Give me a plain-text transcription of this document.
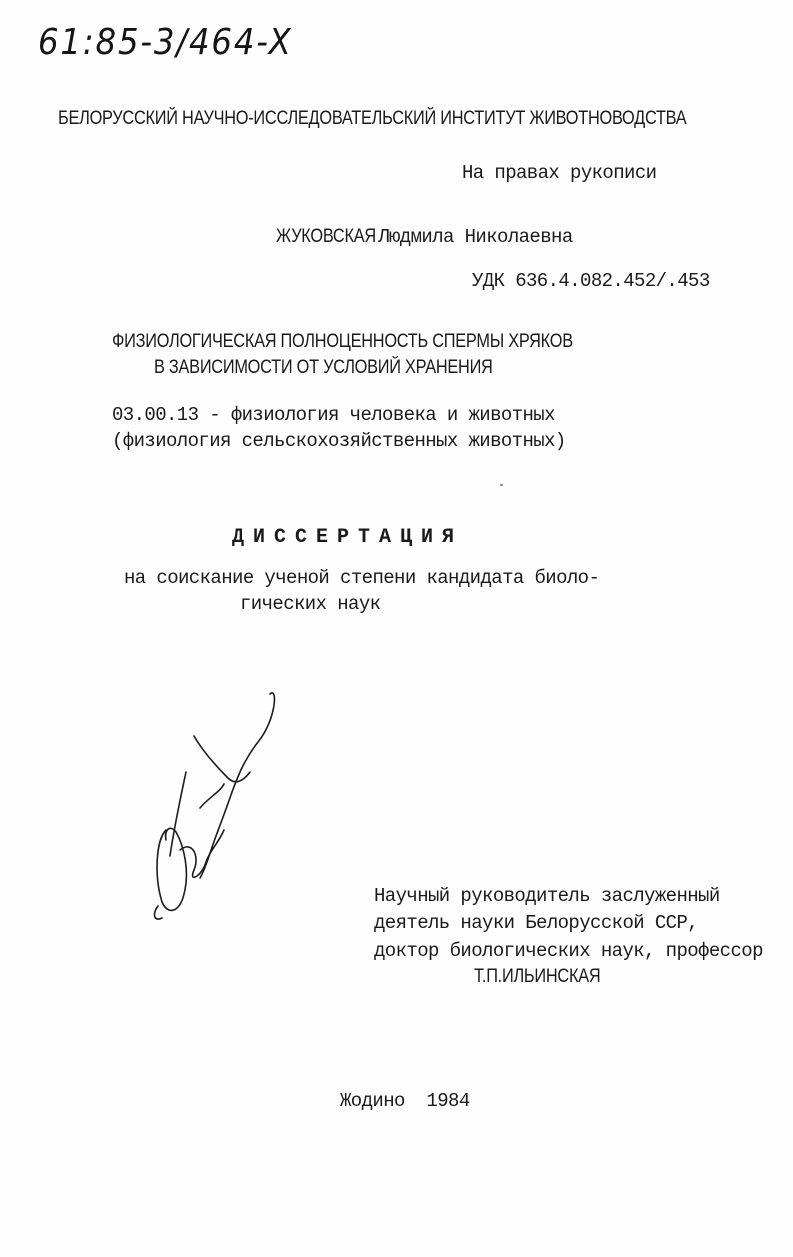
61:85-3/464-X
БЕЛОРУССКИЙ НАУЧНО-ИССЛЕДОВАТЕЛЬСКИЙ ИНСТИТУТ ЖИВОТНОВОДСТВА
На правах рукописи
ЖУКОВСКАЯ Людмила Николаевна
УДК 636.4.082.452/.453
ФИЗИОЛОГИЧЕСКАЯ ПОЛНОЦЕННОСТЬ СПЕРМЫ ХРЯКОВ
В ЗАВИСИМОСТИ ОТ УСЛОВИЙ ХРАНЕНИЯ
03.00.13 - физиология человека и животных
(физиология сельскохозяйственных животных)
ДИССЕРТАЦИЯ
на соискание ученой степени кандидата биоло-
гических наук
Научный руководитель заслуженный
деятель науки Белорусской ССР,
доктор биологических наук, профессор
Т.П.ИЛЬИНСКАЯ
Жодино 1984
